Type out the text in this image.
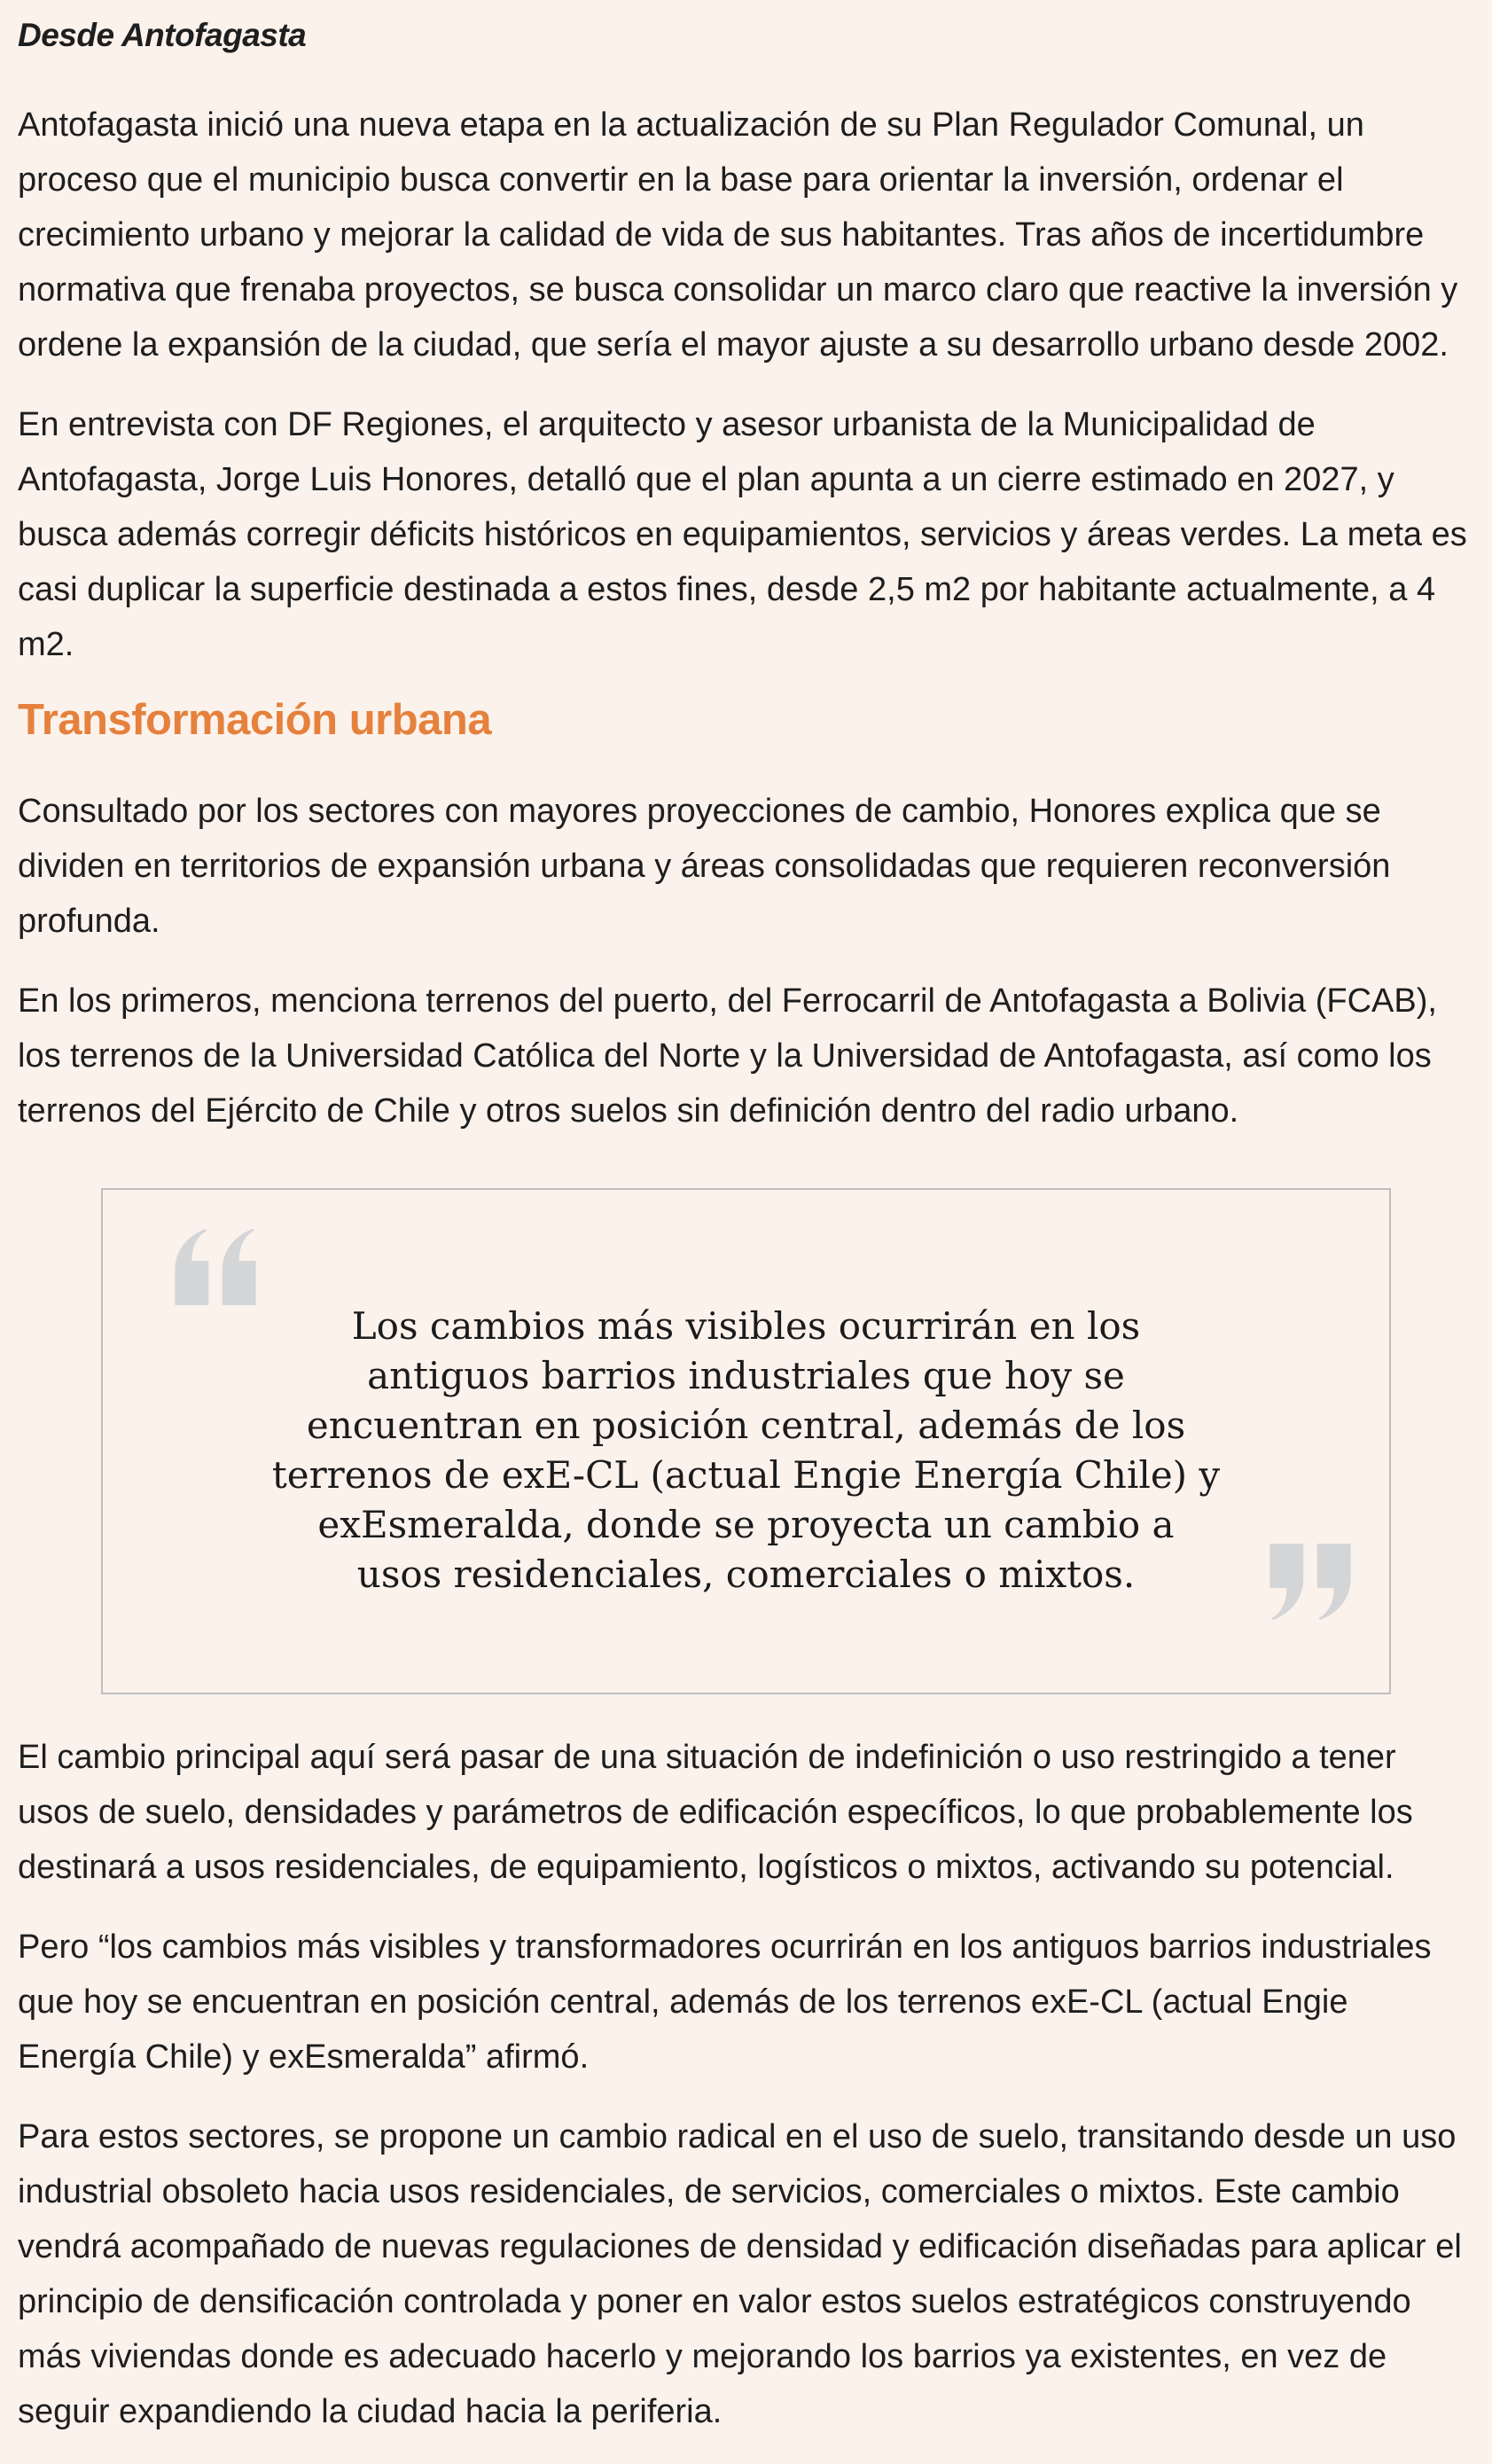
Desde Antofagasta

Antofagasta inició una nueva etapa en la actualización de su Plan Regulador Comunal, un proceso que el municipio busca convertir en la base para orientar la inversión, ordenar el crecimiento urbano y mejorar la calidad de vida de sus habitantes. Tras años de incertidumbre normativa que frenaba proyectos, se busca consolidar un marco claro que reactive la inversión y ordene la expansión de la ciudad, que sería el mayor ajuste a su desarrollo urbano desde 2002.

En entrevista con DF Regiones, el arquitecto y asesor urbanista de la Municipalidad de Antofagasta, Jorge Luis Honores, detalló que el plan apunta a un cierre estimado en 2027, y busca además corregir déficits históricos en equipamientos, servicios y áreas verdes. La meta es casi duplicar la superficie destinada a estos fines, desde 2,5 m2 por habitante actualmente, a 4 m2.

Transformación urbana

Consultado por los sectores con mayores proyecciones de cambio, Honores explica que se dividen en territorios de expansión urbana y áreas consolidadas que requieren reconversión profunda.

En los primeros, menciona terrenos del puerto, del Ferrocarril de Antofagasta a Bolivia (FCAB), los terrenos de la Universidad Católica del Norte y la Universidad de Antofagasta, así como los terrenos del Ejército de Chile y otros suelos sin definición dentro del radio urbano.

Los cambios más visibles ocurrirán en los antiguos barrios industriales que hoy se encuentran en posición central, además de los terrenos de exE-CL (actual Engie Energía Chile) y exEsmeralda, donde se proyecta un cambio a usos residenciales, comerciales o mixtos.

El cambio principal aquí será pasar de una situación de indefinición o uso restringido a tener usos de suelo, densidades y parámetros de edificación específicos, lo que probablemente los destinará a usos residenciales, de equipamiento, logísticos o mixtos, activando su potencial.

Pero “los cambios más visibles y transformadores ocurrirán en los antiguos barrios industriales que hoy se encuentran en posición central, además de los terrenos exE-CL (actual Engie Energía Chile) y exEsmeralda” afirmó.

Para estos sectores, se propone un cambio radical en el uso de suelo, transitando desde un uso industrial obsoleto hacia usos residenciales, de servicios, comerciales o mixtos. Este cambio vendrá acompañado de nuevas regulaciones de densidad y edificación diseñadas para aplicar el principio de densificación controlada y poner en valor estos suelos estratégicos construyendo más viviendas donde es adecuado hacerlo y mejorando los barrios ya existentes, en vez de seguir expandiendo la ciudad hacia la periferia.
